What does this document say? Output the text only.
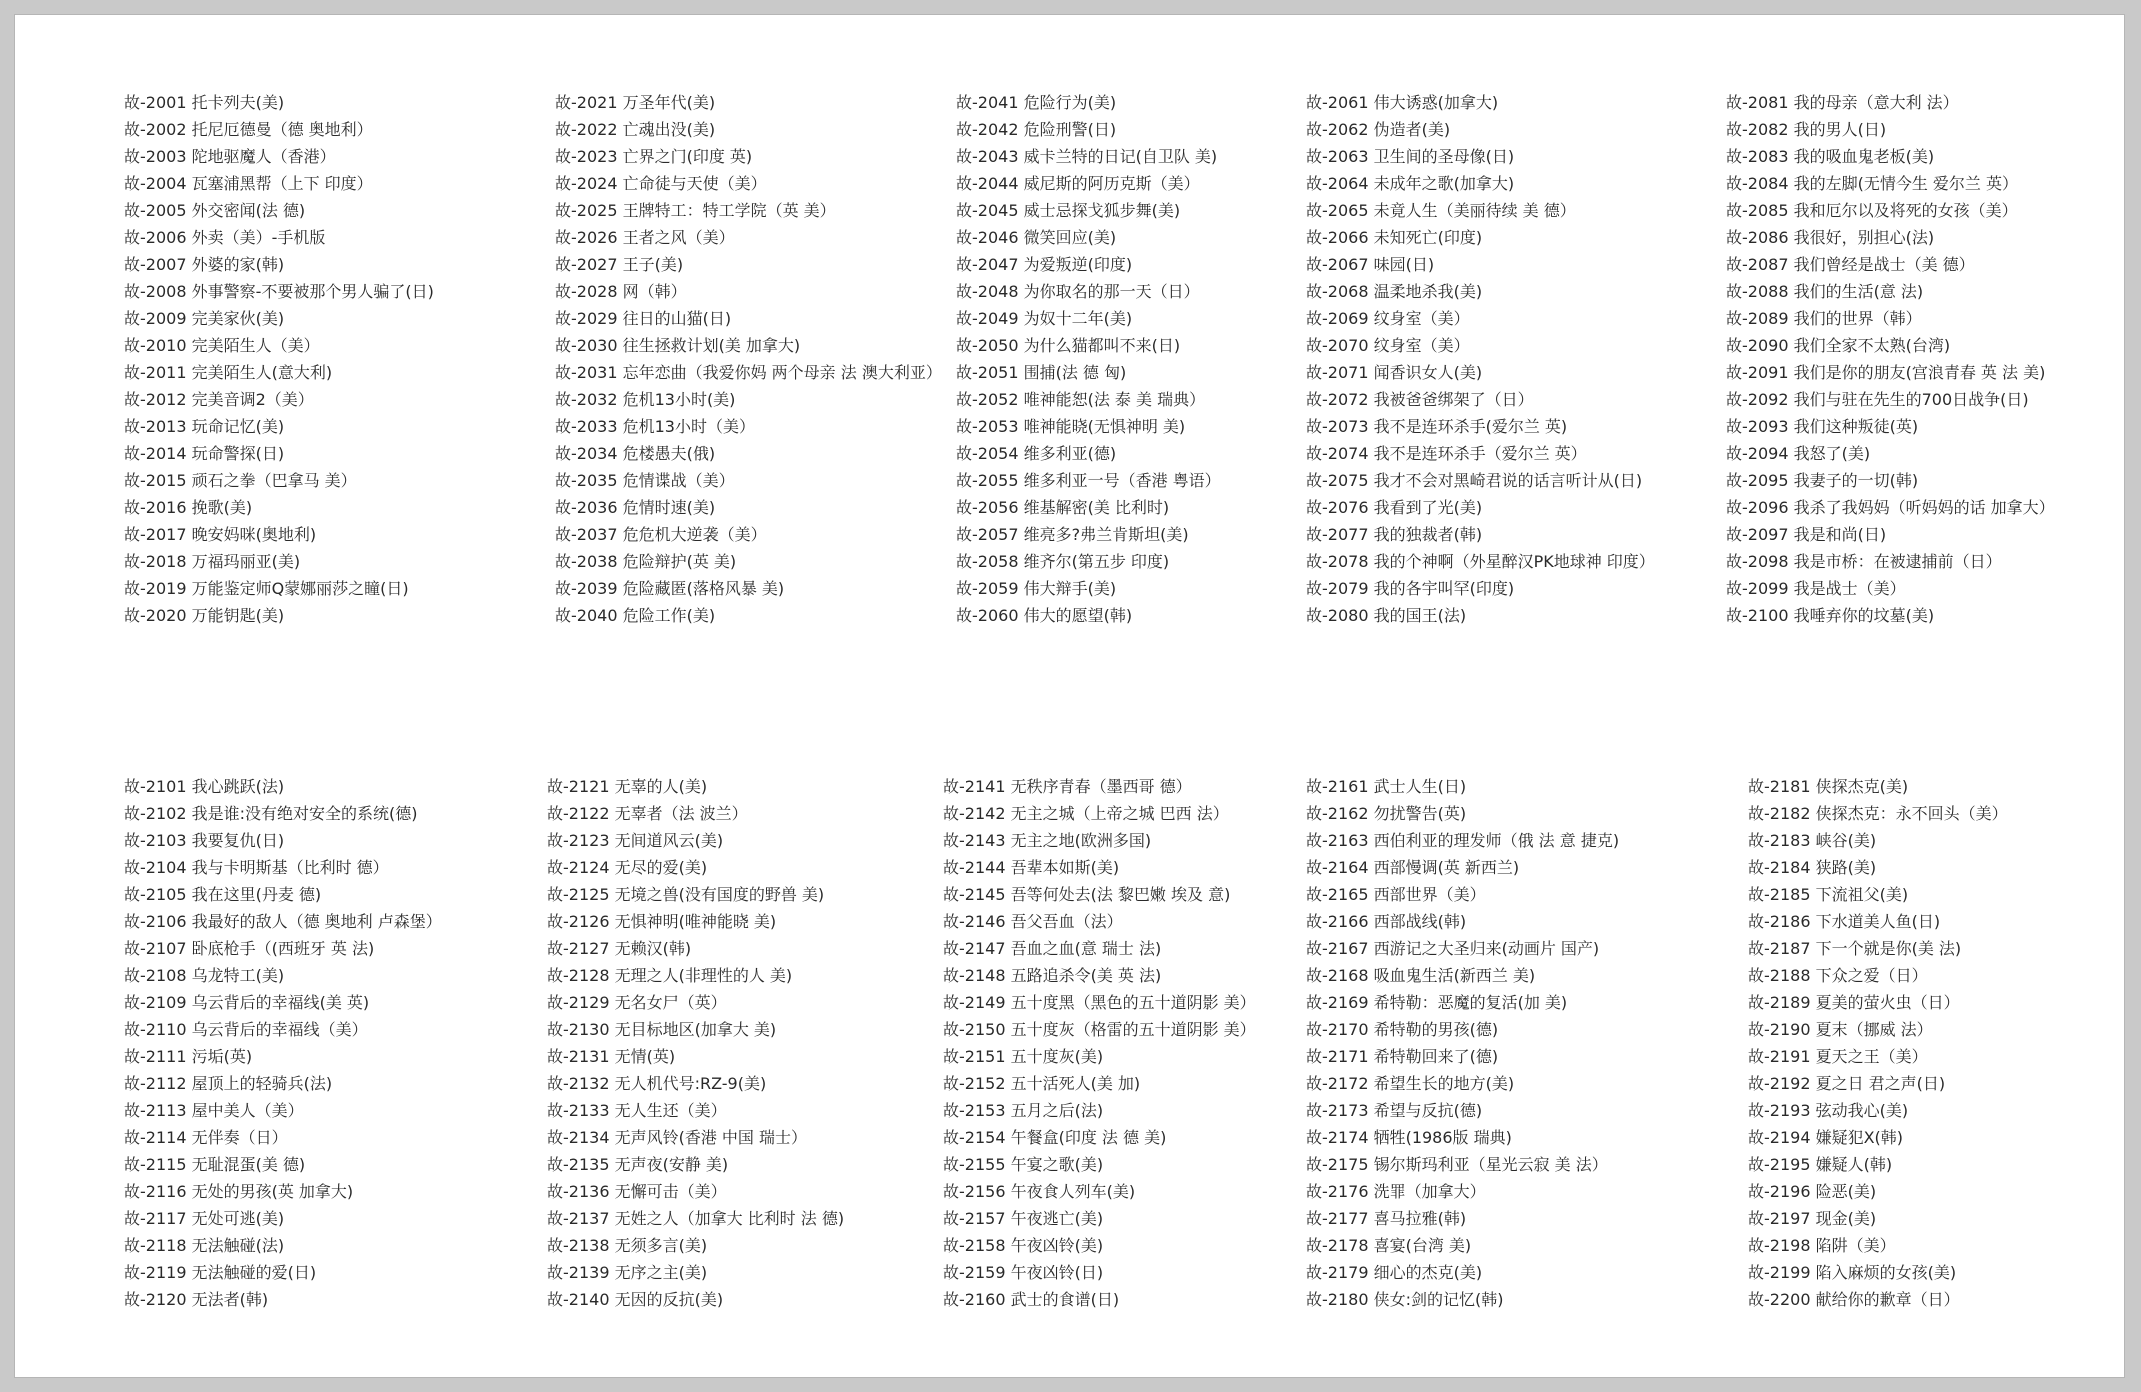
故-2001 托卡列夫(美)
故-2002 托尼厄德曼（德 奥地利）
故-2003 陀地驱魔人（香港）
故-2004 瓦塞浦黑帮（上下 印度）
故-2005 外交密闻(法 德)
故-2006 外卖（美）-手机版
故-2007 外婆的家(韩)
故-2008 外事警察-不要被那个男人骗了(日)
故-2009 完美家伙(美)
故-2010 完美陌生人（美）
故-2011 完美陌生人(意大利)
故-2012 完美音调2（美）
故-2013 玩命记忆(美)
故-2014 玩命警探(日)
故-2015 顽石之拳（巴拿马 美）
故-2016 挽歌(美)
故-2017 晚安妈咪(奥地利)
故-2018 万福玛丽亚(美)
故-2019 万能鉴定师Q蒙娜丽莎之瞳(日)
故-2020 万能钥匙(美)
故-2021 万圣年代(美)
故-2022 亡魂出没(美)
故-2023 亡界之门(印度 英)
故-2024 亡命徒与天使（美）
故-2025 王牌特工：特工学院（英 美）
故-2026 王者之风（美）
故-2027 王子(美)
故-2028 网（韩）
故-2029 往日的山猫(日)
故-2030 往生拯救计划(美 加拿大)
故-2031 忘年恋曲（我爱你妈 两个母亲 法 澳大利亚）
故-2032 危机13小时(美)
故-2033 危机13小时（美）
故-2034 危楼愚夫(俄)
故-2035 危情谍战（美）
故-2036 危情时速(美)
故-2037 危危机大逆袭（美）
故-2038 危险辩护(英 美)
故-2039 危险藏匿(落格风暴 美)
故-2040 危险工作(美)
故-2041 危险行为(美)
故-2042 危险刑警(日)
故-2043 威卡兰特的日记(自卫队 美)
故-2044 威尼斯的阿历克斯（美）
故-2045 威士忌探戈狐步舞(美)
故-2046 微笑回应(美)
故-2047 为爱叛逆(印度)
故-2048 为你取名的那一天（日）
故-2049 为奴十二年(美)
故-2050 为什么猫都叫不来(日)
故-2051 围捕(法 德 匈)
故-2052 唯神能恕(法 泰 美 瑞典）
故-2053 唯神能晓(无惧神明 美)
故-2054 维多利亚(德)
故-2055 维多利亚一号（香港 粤语）
故-2056 维基解密(美 比利时)
故-2057 维亮多?弗兰肯斯坦(美)
故-2058 维齐尔(第五步 印度)
故-2059 伟大辩手(美)
故-2060 伟大的愿望(韩)
故-2061 伟大诱惑(加拿大)
故-2062 伪造者(美)
故-2063 卫生间的圣母像(日)
故-2064 未成年之歌(加拿大)
故-2065 未竟人生（美丽待续 美 德）
故-2066 未知死亡(印度)
故-2067 味园(日)
故-2068 温柔地杀我(美)
故-2069 纹身室（美）
故-2070 纹身室（美）
故-2071 闻香识女人(美)
故-2072 我被爸爸绑架了（日）
故-2073 我不是连环杀手(爱尔兰 英)
故-2074 我不是连环杀手（爱尔兰 英）
故-2075 我才不会对黑崎君说的话言听计从(日)
故-2076 我看到了光(美)
故-2077 我的独裁者(韩)
故-2078 我的个神啊（外星醉汉PK地球神 印度）
故-2079 我的各宇叫罕(印度)
故-2080 我的国王(法)
故-2081 我的母亲（意大利 法）
故-2082 我的男人(日)
故-2083 我的吸血鬼老板(美)
故-2084 我的左脚(无情今生 爱尔兰 英）
故-2085 我和厄尔以及将死的女孩（美）
故-2086 我很好，别担心(法)
故-2087 我们曾经是战士（美 德）
故-2088 我们的生活(意 法)
故-2089 我们的世界（韩）
故-2090 我们全家不太熟(台湾)
故-2091 我们是你的朋友(宫浪青春 英 法 美)
故-2092 我们与驻在先生的700日战争(日)
故-2093 我们这种叛徒(英)
故-2094 我怒了(美)
故-2095 我妻子的一切(韩)
故-2096 我杀了我妈妈（听妈妈的话 加拿大）
故-2097 我是和尚(日)
故-2098 我是市桥：在被逮捕前（日）
故-2099 我是战士（美）
故-2100 我唾弃你的坟墓(美)
故-2101 我心跳跃(法)
故-2102 我是谁:没有绝对安全的系统(德)
故-2103 我要复仇(日)
故-2104 我与卡明斯基（比利时 德）
故-2105 我在这里(丹麦 德)
故-2106 我最好的敌人（德 奥地利 卢森堡）
故-2107 卧底枪手（(西班牙 英 法)
故-2108 乌龙特工(美)
故-2109 乌云背后的幸福线(美 英)
故-2110 乌云背后的幸福线（美）
故-2111 污垢(英)
故-2112 屋顶上的轻骑兵(法)
故-2113 屋中美人（美）
故-2114 无伴奏（日）
故-2115 无耻混蛋(美 德)
故-2116 无处的男孩(英 加拿大)
故-2117 无处可逃(美)
故-2118 无法触碰(法)
故-2119 无法触碰的爱(日)
故-2120 无法者(韩)
故-2121 无辜的人(美)
故-2122 无辜者（法 波兰）
故-2123 无间道风云(美)
故-2124 无尽的爱(美)
故-2125 无境之兽(没有国度的野兽 美)
故-2126 无惧神明(唯神能晓 美)
故-2127 无赖汉(韩)
故-2128 无理之人(非理性的人 美)
故-2129 无名女尸（英）
故-2130 无目标地区(加拿大 美)
故-2131 无情(英)
故-2132 无人机代号:RZ-9(美)
故-2133 无人生还（美）
故-2134 无声风铃(香港 中国 瑞士）
故-2135 无声夜(安静 美)
故-2136 无懈可击（美）
故-2137 无姓之人（加拿大 比利时 法 德)
故-2138 无须多言(美)
故-2139 无序之主(美)
故-2140 无因的反抗(美)
故-2141 无秩序青春（墨西哥 德）
故-2142 无主之城（上帝之城 巴西 法）
故-2143 无主之地(欧洲多国)
故-2144 吾辈本如斯(美)
故-2145 吾等何处去(法 黎巴嫩 埃及 意)
故-2146 吾父吾血（法）
故-2147 吾血之血(意 瑞士 法)
故-2148 五路追杀令(美 英 法)
故-2149 五十度黑（黑色的五十道阴影 美）
故-2150 五十度灰（格雷的五十道阴影 美）
故-2151 五十度灰(美)
故-2152 五十活死人(美 加)
故-2153 五月之后(法)
故-2154 午餐盒(印度 法 德 美)
故-2155 午宴之歌(美)
故-2156 午夜食人列车(美)
故-2157 午夜逃亡(美)
故-2158 午夜凶铃(美)
故-2159 午夜凶铃(日)
故-2160 武士的食谱(日)
故-2161 武士人生(日)
故-2162 勿扰警告(英)
故-2163 西伯利亚的理发师（俄 法 意 捷克)
故-2164 西部慢调(英 新西兰)
故-2165 西部世界（美）
故-2166 西部战线(韩)
故-2167 西游记之大圣归来(动画片 国产)
故-2168 吸血鬼生活(新西兰 美)
故-2169 希特勒：恶魔的复活(加 美)
故-2170 希特勒的男孩(德)
故-2171 希特勒回来了(德)
故-2172 希望生长的地方(美)
故-2173 希望与反抗(德)
故-2174 牺牲(1986版 瑞典)
故-2175 锡尔斯玛利亚（星光云寂 美 法）
故-2176 洗罪（加拿大）
故-2177 喜马拉雅(韩)
故-2178 喜宴(台湾 美)
故-2179 细心的杰克(美)
故-2180 侠女:剑的记忆(韩)
故-2181 侠探杰克(美)
故-2182 侠探杰克：永不回头（美）
故-2183 峡谷(美)
故-2184 狭路(美)
故-2185 下流祖父(美)
故-2186 下水道美人鱼(日)
故-2187 下一个就是你(美 法)
故-2188 下众之爱（日）
故-2189 夏美的萤火虫（日）
故-2190 夏末（挪威 法）
故-2191 夏天之王（美）
故-2192 夏之日 君之声(日)
故-2193 弦动我心(美)
故-2194 嫌疑犯X(韩)
故-2195 嫌疑人(韩)
故-2196 险恶(美)
故-2197 现金(美)
故-2198 陷阱（美）
故-2199 陷入麻烦的女孩(美)
故-2200 献给你的歉章（日）
